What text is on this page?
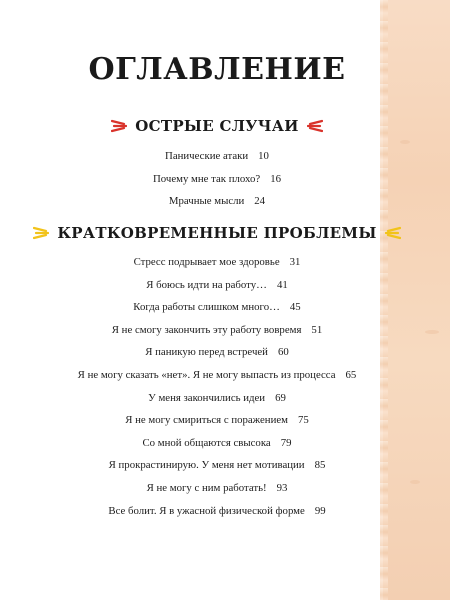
ОГЛАВЛЕНИЕ
ОСТРЫЕ СЛУЧАИ
Панические атаки 10
Почему мне так плохо? 16
Мрачные мысли 24
КРАТКОВРЕМЕННЫЕ ПРОБЛЕМЫ
Стресс подрывает мое здоровье 31
Я боюсь идти на работу… 41
Когда работы слишком много… 45
Я не смогу закончить эту работу вовремя 51
Я паникую перед встречей 60
Я не могу сказать «нет». Я не могу выпасть из процесса 65
У меня закончились идеи 69
Я не могу смириться с поражением 75
Со мной общаются свысока 79
Я прокрастинирую. У меня нет мотивации 85
Я не могу с ним работать! 93
Все болит. Я в ужасной физической форме 99
